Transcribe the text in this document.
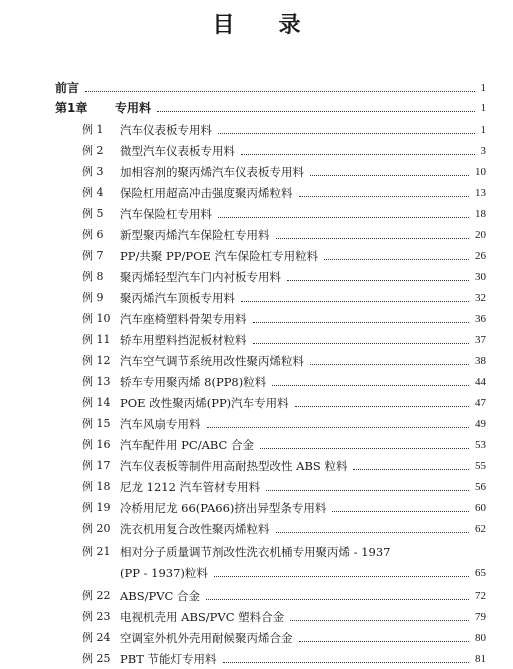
目 录
前言	1
第1章 专用料	1
例 1 汽车仪表板专用料	1
例 2 微型汽车仪表板专用料	3
例 3 加相容剂的聚丙烯汽车仪表板专用料	10
例 4 保险杠用超高冲击强度聚丙烯粒料	13
例 5 汽车保险杠专用料	18
例 6 新型聚丙烯汽车保险杠专用料	20
例 7 PP/共聚 PP/POE 汽车保险杠专用粒料	26
例 8 聚丙烯轻型汽车门内衬板专用料	30
例 9 聚丙烯汽车顶板专用料	32
例 10 汽车座椅塑料骨架专用料	36
例 11 轿车用塑料挡泥板材粒料	37
例 12 汽车空气调节系统用改性聚丙烯粒料	38
例 13 轿车专用聚丙烯 8(PP8)粒料	44
例 14 POE 改性聚丙烯(PP)汽车专用料	47
例 15 汽车风扇专用料	49
例 16 汽车配件用 PC/ABC 合金	53
例 17 汽车仪表板等制件用高耐热型改性 ABS 粒料	55
例 18 尼龙 1212 汽车管材专用料	56
例 19 冷桥用尼龙 66(PA66)挤出异型条专用料	60
例 20 洗衣机用复合改性聚丙烯粒料	62
例 21 相对分子质量调节剂改性洗衣机桶专用聚丙烯 - 1937
(PP - 1937)粒料	65
例 22 ABS/PVC 合金	72
例 23 电视机壳用 ABS/PVC 塑料合金	79
例 24 空调室外机外壳用耐候聚丙烯合金	80
例 25 PBT 节能灯专用料	81
